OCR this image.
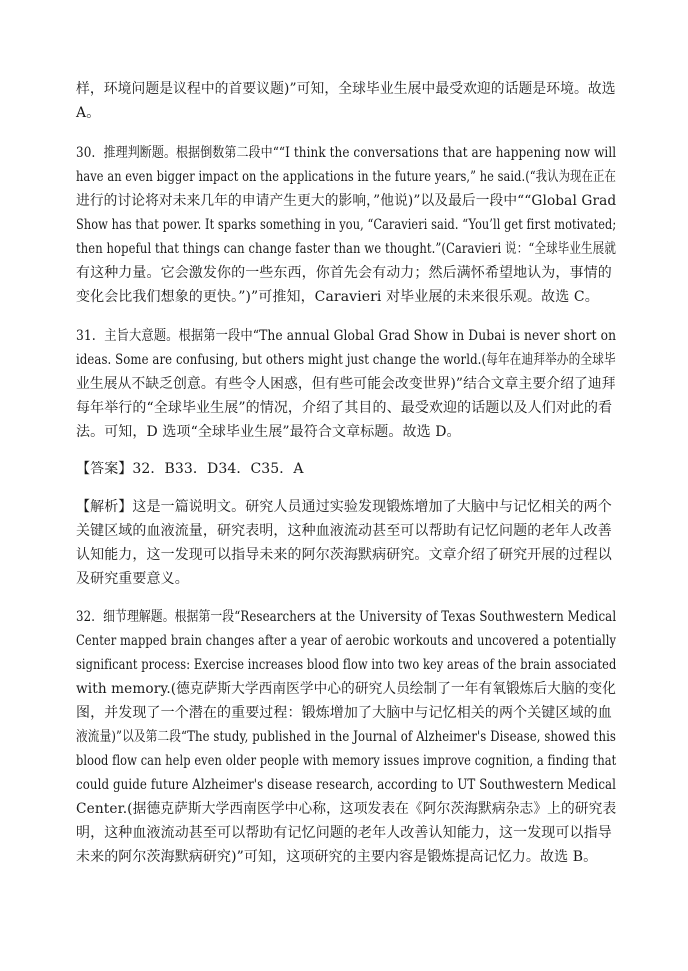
样，环境问题是议程中的首要议题)”可知，全球毕业生展中最受欢迎的话题是环境。故选
A。
30．推理判断题。根据倒数第二段中““I think the conversations that are happening now will
have an even bigger impact on the applications in the future years,” he said.(“我认为现在正在
进行的讨论将对未来几年的申请产生更大的影响，”他说)”以及最后一段中““Global Grad
Show has that power. It sparks something in you, “Caravieri said. “You’ll get first motivated;
then hopeful that things can change faster than we thought.”(Caravieri 说：“全球毕业生展就
有这种力量。它会激发你的一些东西，你首先会有动力；然后满怀希望地认为，事情的
变化会比我们想象的更快。”)”可推知，Caravieri 对毕业展的未来很乐观。故选 C。
31．主旨大意题。根据第一段中“The annual Global Grad Show in Dubai is never short on
ideas. Some are confusing, but others might just change the world.(每年在迪拜举办的全球毕
业生展从不缺乏创意。有些令人困惑，但有些可能会改变世界)”结合文章主要介绍了迪拜
每年举行的“全球毕业生展”的情况，介绍了其目的、最受欢迎的话题以及人们对此的看
法。可知，D 选项“全球毕业生展”最符合文章标题。故选 D。
【答案】32．B33．D34．C35．A
【解析】这是一篇说明文。研究人员通过实验发现锻炼增加了大脑中与记忆相关的两个
关键区域的血液流量，研究表明，这种血液流动甚至可以帮助有记忆问题的老年人改善
认知能力，这一发现可以指导未来的阿尔茨海默病研究。文章介绍了研究开展的过程以
及研究重要意义。
32．细节理解题。根据第一段“Researchers at the University of Texas Southwestern Medical
Center mapped brain changes after a year of aerobic workouts and uncovered a potentially
significant process: Exercise increases blood flow into two key areas of the brain associated
with memory.(德克萨斯大学西南医学中心的研究人员绘制了一年有氧锻炼后大脑的变化
图，并发现了一个潜在的重要过程：锻炼增加了大脑中与记忆相关的两个关键区域的血
液流量)”以及第二段“The study, published in the Journal of Alzheimer's Disease, showed this
blood flow can help even older people with memory issues improve cognition, a finding that
could guide future Alzheimer's disease research, according to UT Southwestern Medical
Center.(据德克萨斯大学西南医学中心称，这项发表在《阿尔茨海默病杂志》上的研究表
明，这种血液流动甚至可以帮助有记忆问题的老年人改善认知能力，这一发现可以指导
未来的阿尔茨海默病研究)”可知，这项研究的主要内容是锻炼提高记忆力。故选 B。
